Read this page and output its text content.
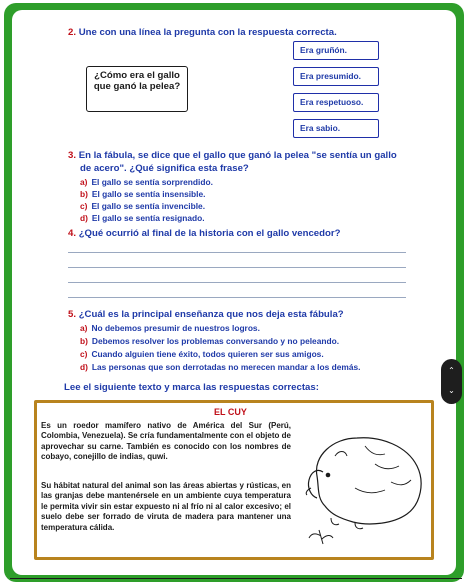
2. Une con una línea la pregunta con la respuesta correcta.
¿Cómo era el gallo que ganó la pelea?
Era gruñón.
Era presumido.
Era respetuoso.
Era sabio.
3. En la fábula, se dice que el gallo que ganó la pelea "se sentía un gallo
de acero". ¿Qué significa esta frase?
a) El gallo se sentía sorprendido.
b) El gallo se sentía insensible.
c) El gallo se sentía invencible.
d) El gallo se sentía resignado.
4. ¿Qué ocurrió al final de la historia con el gallo vencedor?
5. ¿Cuál es la principal enseñanza que nos deja esta fábula?
a) No debemos presumir de nuestros logros.
b) Debemos resolver los problemas conversando y no peleando.
c) Cuando alguien tiene éxito, todos quieren ser sus amigos.
d) Las personas que son derrotadas no merecen mandar a los demás.
Lee el siguiente texto y marca las respuestas correctas:
EL CUY
Es un roedor mamífero nativo de América del Sur (Perú, Colombia, Venezuela). Se cría fundamentalmente con el objeto de aprovechar su carne. También es conocido con los nombres de cobayo, conejillo de indias, quwi.
Su hábitat natural del animal son las áreas abiertas y rústicas, en las granjas debe mantenérsele en un ambiente cuya temperatura le permita vivir sin estar expuesto ni al frío ni al calor excesivo; el suelo debe ser forrado de viruta de madera para mantener una temperatura cálida.
⌃
⌄
